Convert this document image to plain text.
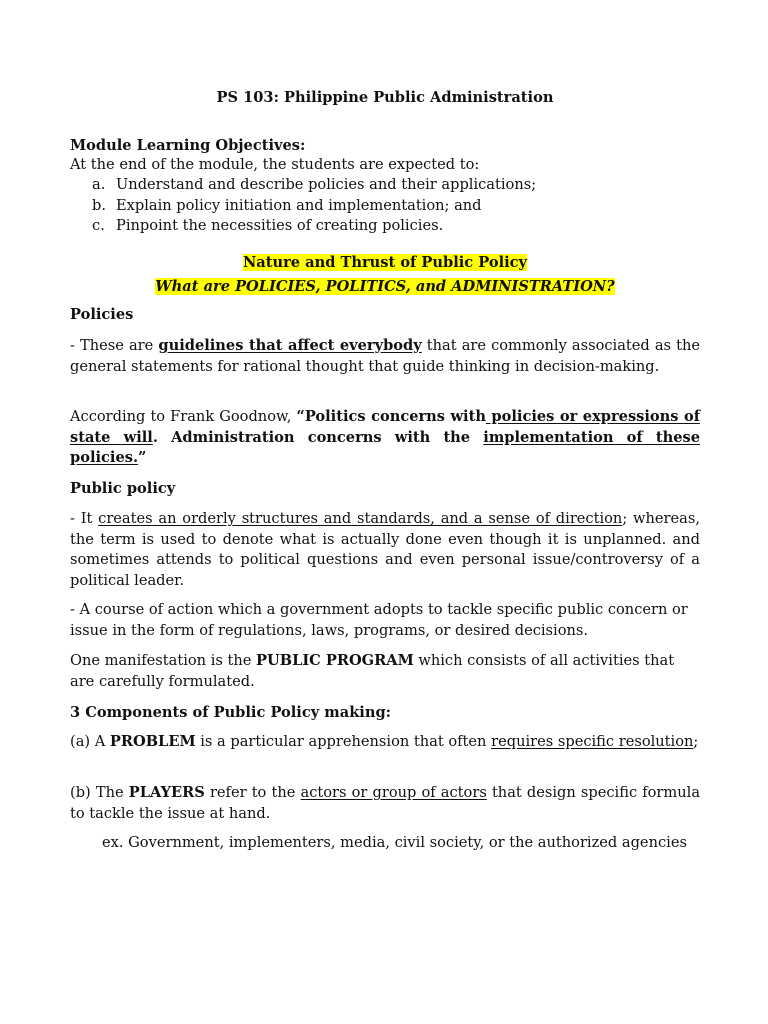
PS 103: Philippine Public Administration
Module Learning Objectives:
At the end of the module, the students are expected to:
a. Understand and describe policies and their applications;
b. Explain policy initiation and implementation; and
c. Pinpoint the necessities of creating policies.
Nature and Thrust of Public Policy
What are POLICIES, POLITICS, and ADMINISTRATION?
Policies

- These are guidelines that affect everybody that are commonly associated as the general statements for rational thought that guide thinking in decision-making.

According to Frank Goodnow, “Politics concerns with policies or expressions of state will. Administration concerns with the implementation of these policies.”

Public policy

- It creates an orderly structures and standards, and a sense of direction; whereas, the term is used to denote what is actually done even though it is unplanned. and sometimes attends to political questions and even personal issue/controversy of a political leader.

- A course of action which a government adopts to tackle specific public concern or issue in the form of regulations, laws, programs, or desired decisions.

One manifestation is the PUBLIC PROGRAM which consists of all activities that are carefully formulated.

3 Components of Public Policy making:

(a) A PROBLEM is a particular apprehension that often requires specific resolution;

(b) The PLAYERS refer to the actors or group of actors that design specific formula to tackle the issue at hand.

ex. Government, implementers, media, civil society, or the authorized agencies
